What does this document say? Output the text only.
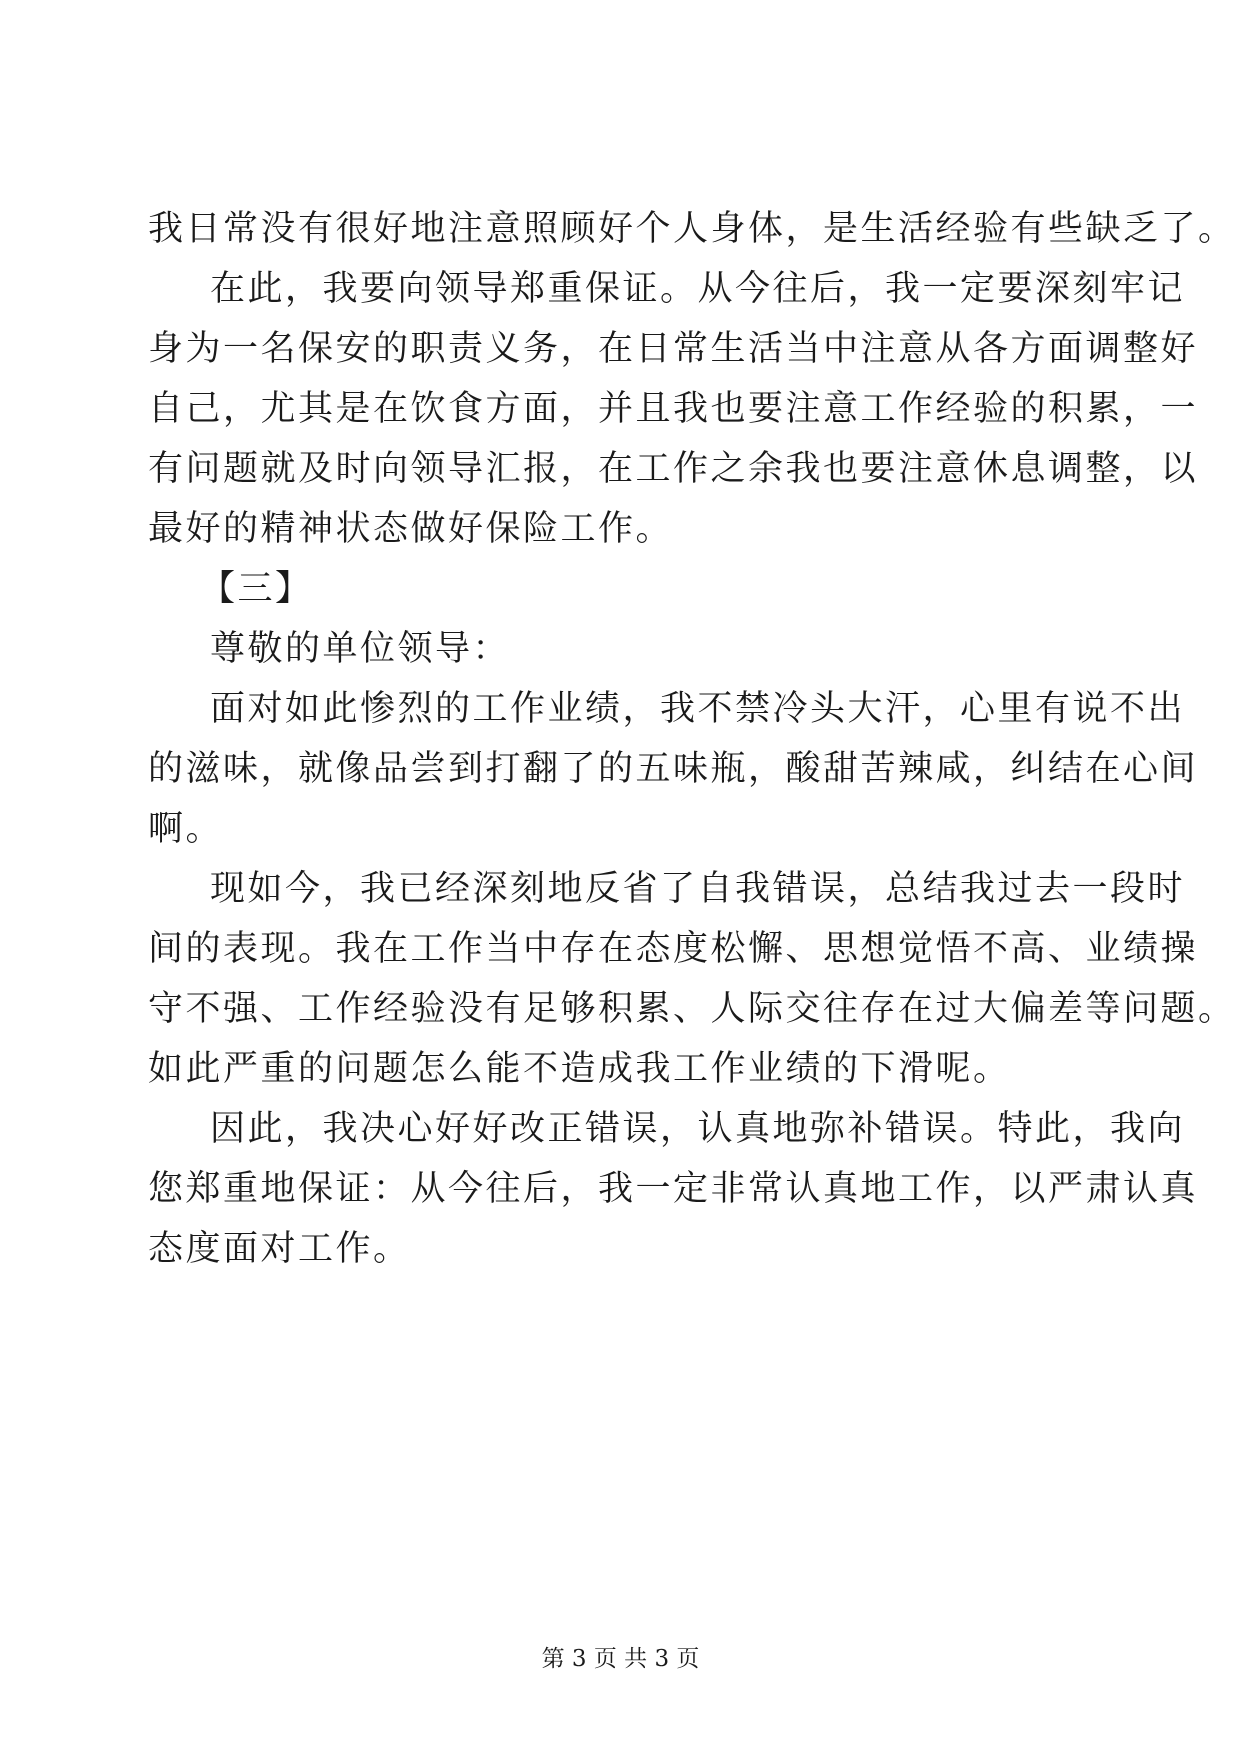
我日常没有很好地注意照顾好个人身体，是生活经验有些缺乏了。
在此，我要向领导郑重保证。从今往后，我一定要深刻牢记
身为一名保安的职责义务，在日常生活当中注意从各方面调整好
自己，尤其是在饮食方面，并且我也要注意工作经验的积累，一
有问题就及时向领导汇报，在工作之余我也要注意休息调整，以
最好的精神状态做好保险工作。
【三】
尊敬的单位领导：
面对如此惨烈的工作业绩，我不禁冷头大汗，心里有说不出
的滋味，就像品尝到打翻了的五味瓶，酸甜苦辣咸，纠结在心间
啊。
现如今，我已经深刻地反省了自我错误，总结我过去一段时
间的表现。我在工作当中存在态度松懈、思想觉悟不高、业绩操
守不强、工作经验没有足够积累、人际交往存在过大偏差等问题。
如此严重的问题怎么能不造成我工作业绩的下滑呢。
因此，我决心好好改正错误，认真地弥补错误。特此，我向
您郑重地保证：从今往后，我一定非常认真地工作，以严肃认真
态度面对工作。
第 3 页 共 3 页
